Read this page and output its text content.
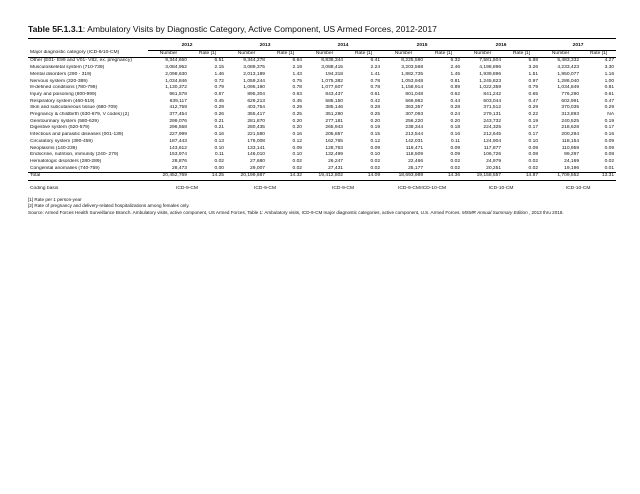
Table 5F.1.3.1: Ambulatory Visits by Diagnostic Category, Active Component, US Armed Forces, 2012-2017
	2012		2013		2014		2015		2016		2017	
Major diagnostic category (ICD-9/10-CM)	Number	Rate [1]	Number	Rate [1]	Number	Rate [1]	Number	Rate [1]	Number	Rate [1]	Number	Rate [1]
Other (E01- E99 and V01- V82, ex. pregnancy)	9,344,650	6.51	9,344,278	6.64	8,836,344	6.41	8,225,580	6.32	7,581,504	5.88	5,483,332	4.27
Musculoskeletal system (710-739)	3,084,952	2.15	3,089,375	2.19	3,088,415	2.24	3,203,568	2.46	4,198,896	3.26	4,233,423	3.30
Mental disorders (290 - 319)	2,098,630	1.46	2,013,189	1.43	194,318	1.41	1,882,735	1.45	1,939,896	1.51	1,950,077	1.16
Nervous system (320-389)	1,034,846	0.72	1,059,244	0.75	1,075,382	0.78	1,053,948	0.81	1,245,823	0.97	1,286,040	1.00
Ill-defined conditions (780-799)	1,130,372	0.79	1,095,190	0.78	1,077,607	0.78	1,158,914	0.89	1,022,359	0.79	1,034,849	0.81
Injury and poisoning (800-999)	961,578	0.67	895,304	0.63	843,437	0.61	801,048	0.62	841,242	0.65	776,290	0.61
Respiratory system (460-519)	639,117	0.45	629,213	0.45	585,150	0.42	566,962	0.44	603,044	0.47	602,991	0.47
Skin and subcutaneous tissue (680-709)	412,759	0.29	403,754	0.29	385,146	0.28	363,357	0.28	371,512	0.29	370,035	0.29
Pregnancy & childbirth (630-679, V codes) [2]	377,454	0.26	355,417	0.25	351,280	0.25	307,093	0.24	279,131	0.22	313,893	NA
Genitourinary system (580-629)	299,076	0.21	281,870	0.20	277,181	0.20	256,220	0.20	243,732	0.19	240,525	0.19
Digestive system (520-579)	296,558	0.21	280,435	0.20	265,943	0.19	238,344	0.18	224,325	0.17	218,628	0.17
Infectious and parasitic diseases (001-139)	227,999	0.16	221,580	0.16	205,857	0.15	213,544	0.16	212,645	0.17	200,294	0.16
Circulatory system (390-459)	187,443	0.13	176,008	0.12	162,765	0.12	142,031	0.11	124,904	0.10	118,154	0.09
Neoplasms (140-239)	143,612	0.10	133,141	0.09	128,763	0.09	118,471	0.09	117,877	0.09	110,959	0.09
Endocrine, nutrition, immunity (240- 279)	153,974	0.11	146,010	0.10	132,499	0.10	118,509	0.09	106,726	0.08	99,297	0.08
Hematologic disorders (280-289)	28,876	0.02	27,680	0.02	26,247	0.02	22,466	0.02	24,979	0.02	24,169	0.02
Congenital anomalies (740-759)	28,473	0.00	29,007	0.02	27,431	0.02	25,177	0.02	20,251	0.02	19,196	0.01
Total	20,452,769	14.25	20,199,687	14.32	19,412,802	14.09	18,693,989	14.36	19,158,557	14.87	1,709,552	13.31

Coding basis	ICD-9-CM		ICD-9-CM		ICD-9-CM		ICD-9-CM/ICD-10-CM		ICD-10-CM		ICD-10-CM	
[1] Rate per 1 person-year
[2] Rate of pregnancy and delivery-related hospitalizations among females only.
Source: Armed Forces Health Surveillance Branch. Ambulatory visits, active component, US Armed Forces, Table 1: Ambulatory visits, ICD-9-CM major diagnostic categories, active component, U.S. Armed Forces. MSMR Annual Summary Edition , 2013 thru 2018.
